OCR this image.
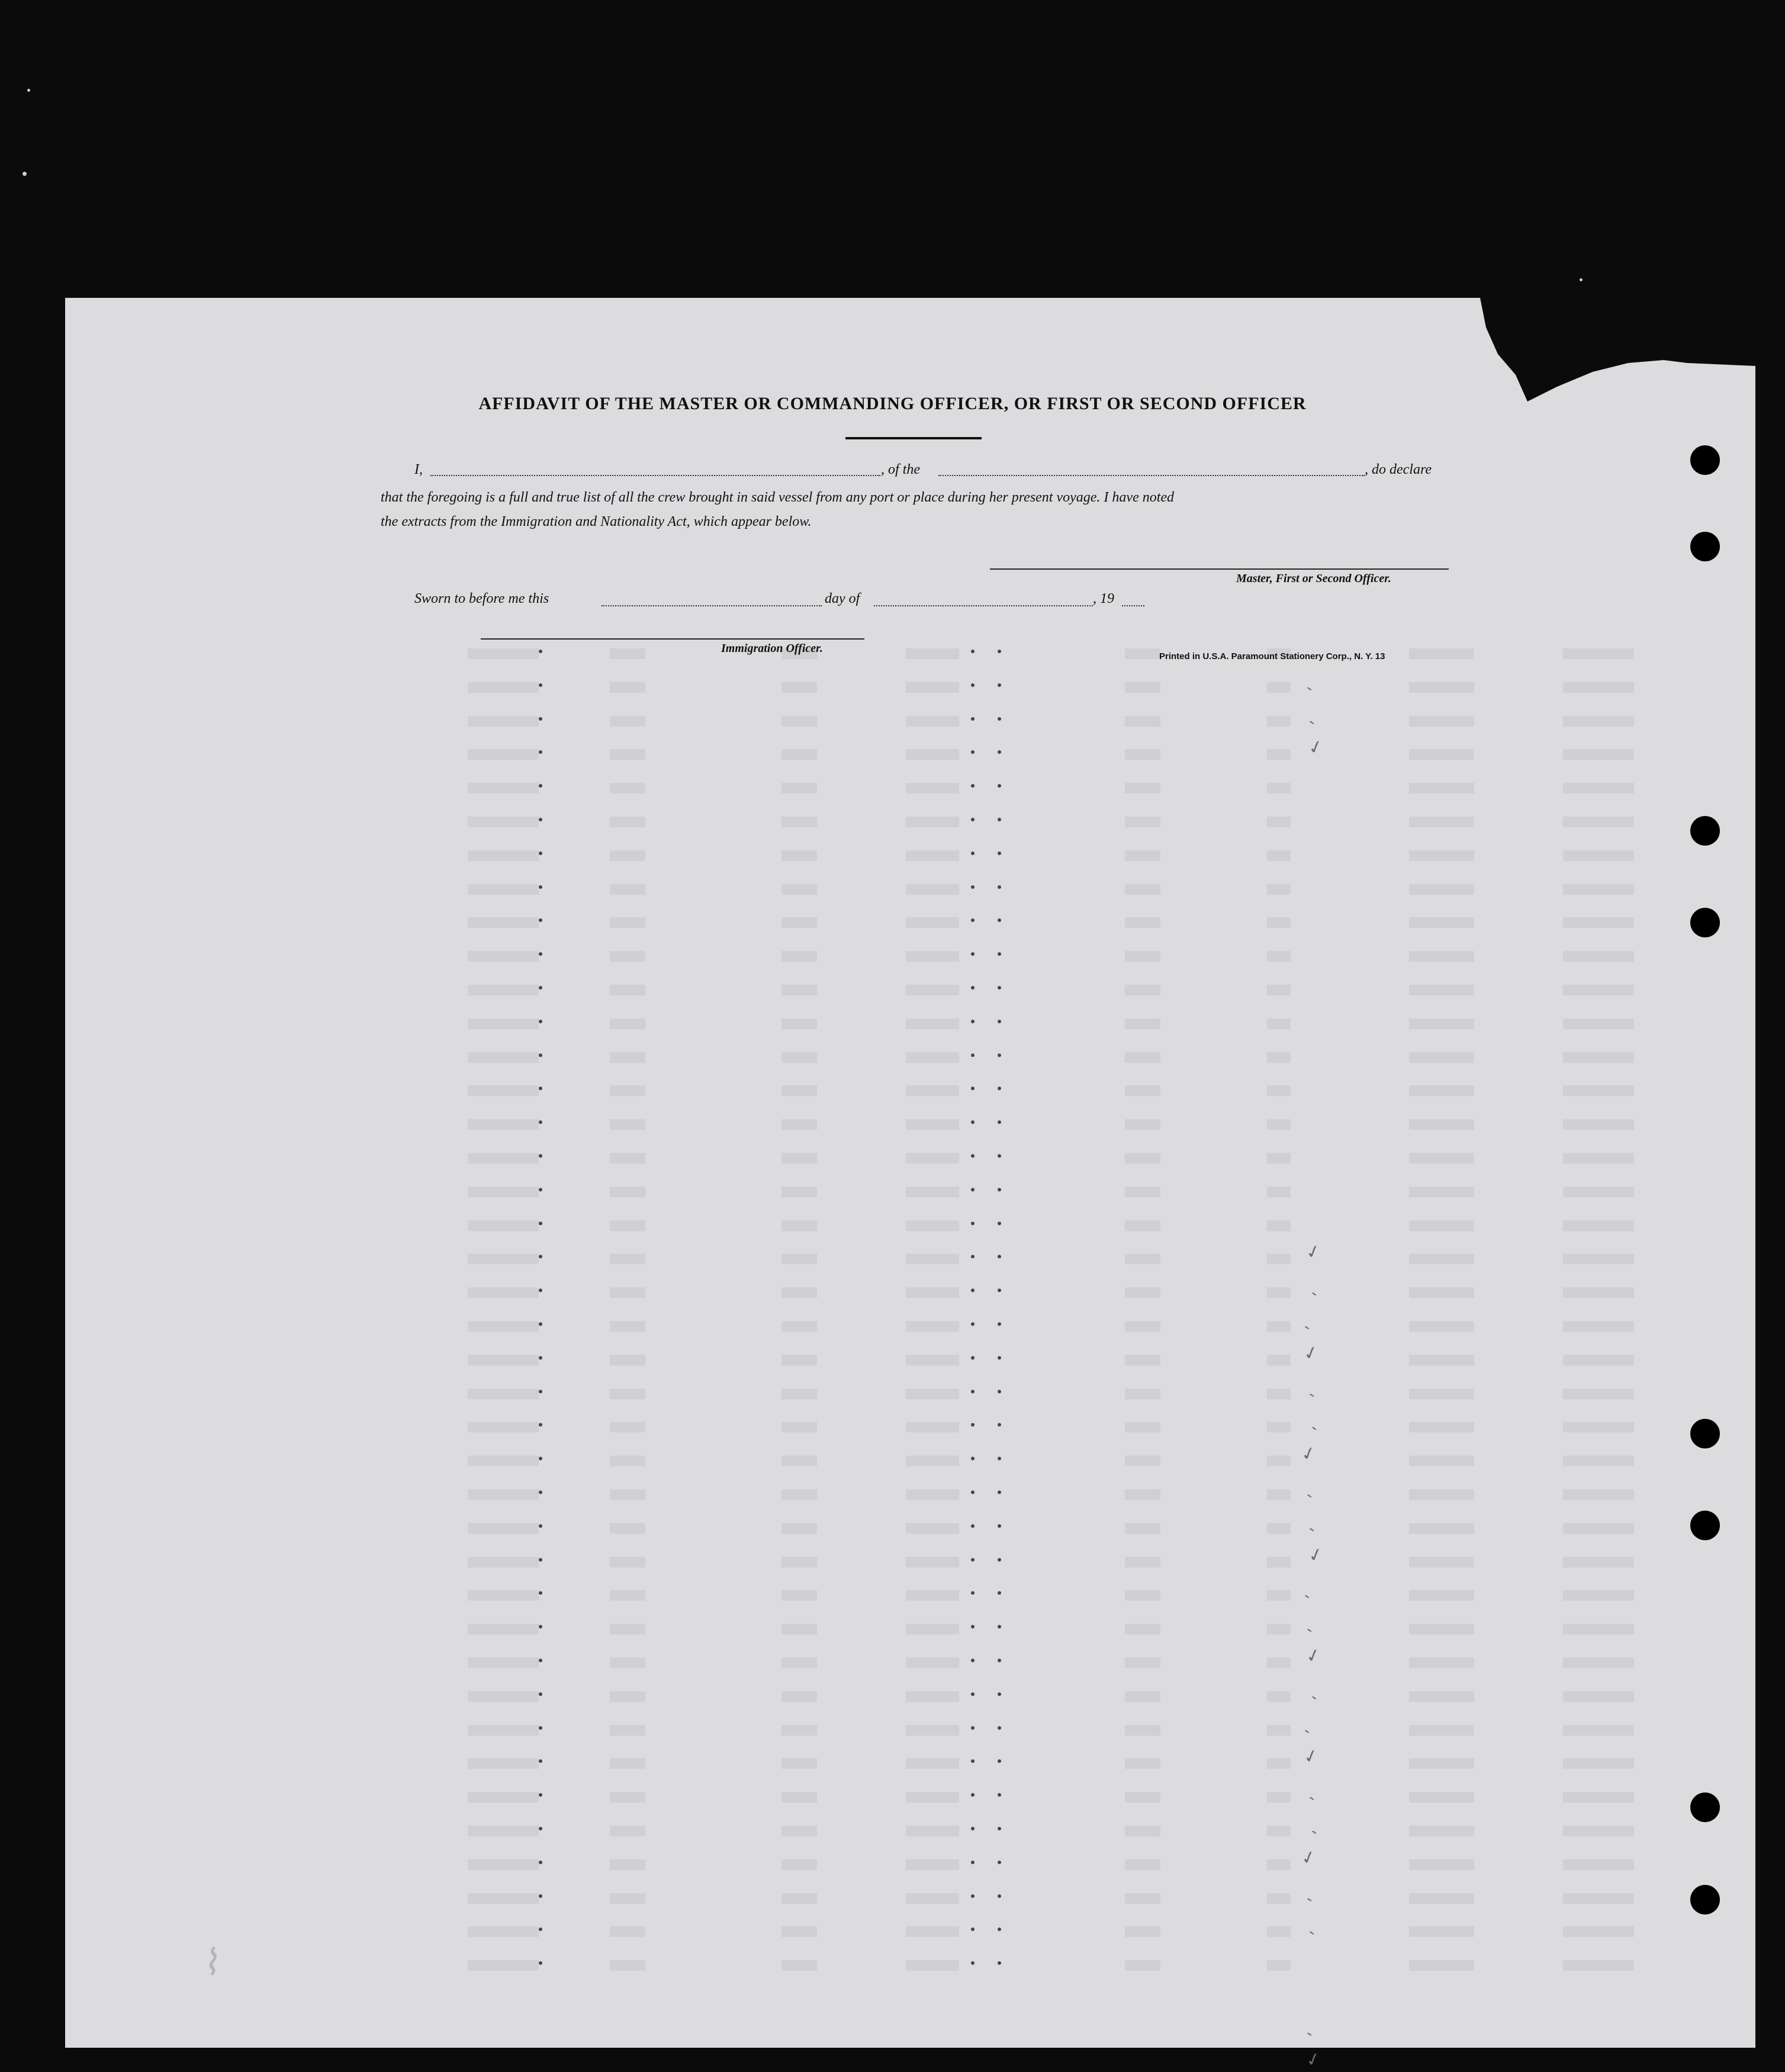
ˎ
ˎ
✓
✓
ˎ
ˎ
✓
ˎ
ˎ
✓
ˎ
ˎ
✓
ˎ
ˎ
✓
ˎ
ˎ
✓
ˎ
ˎ
✓
ˎ
ˎ
ˎ
✓
AFFIDAVIT OF THE MASTER OR COMMANDING OFFICER, OR FIRST OR SECOND OFFICER
I,	, of the	, do declare
that the foregoing is a full and true list of all the crew brought in said vessel from any port or place during her present voyage. I have noted
the extracts from the Immigration and Nationality Act, which appear below.
Master, First or Second Officer.
Sworn to before me this	day of	, 19
Immigration Officer.
Printed in U.S.A. Paramount Stationery Corp., N. Y. 13
⌇
